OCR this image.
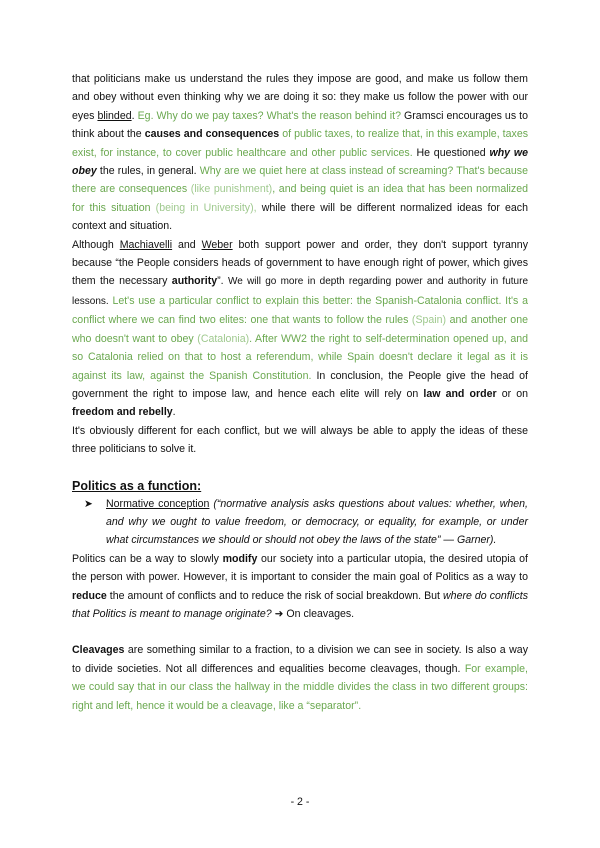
that politicians make us understand the rules they impose are good, and make us follow them and obey without even thinking why we are doing it so: they make us follow the power with our eyes blinded. Eg. Why do we pay taxes? What's the reason behind it? Gramsci encourages us to think about the causes and consequences of public taxes, to realize that, in this example, taxes exist, for instance, to cover public healthcare and other public services. He questioned why we obey the rules, in general. Why are we quiet here at class instead of screaming? That's because there are consequences (like punishment), and being quiet is an idea that has been normalized for this situation (being in University), while there will be different normalized ideas for each context and situation.

Although Machiavelli and Weber both support power and order, they don't support tyranny because “the People considers heads of government to have enough right of power, which gives them the necessary authority”. We will go more in depth regarding power and authority in future lessons. Let's use a particular conflict to explain this better: the Spanish-Catalonia conflict. It's a conflict where we can find two elites: one that wants to follow the rules (Spain) and another one who doesn't want to obey (Catalonia). After WW2 the right to self-determination opened up, and so Catalonia relied on that to host a referendum, while Spain doesn't declare it legal as it is against its law, against the Spanish Constitution. In conclusion, the People give the head of government the right to impose law, and hence each elite will rely on law and order or on freedom and rebelly.

It's obviously different for each conflict, but we will always be able to apply the ideas of these three politicians to solve it.

Politics as a function:
➤	Normative conception (“normative analysis asks questions about values: whether, when, and why we ought to value freedom, or democracy, or equality, for example, or under what circumstances we should or should not obey the laws of the state” — Garner).

Politics can be a way to slowly modify our society into a particular utopia, the desired utopia of the person with power. However, it is important to consider the main goal of Politics as a way to reduce the amount of conflicts and to reduce the risk of social breakdown. But where do conflicts that Politics is meant to manage originate? ➜ On cleavages.

Cleavages are something similar to a fraction, to a division we can see in society. Is also a way to divide societies. Not all differences and equalities become cleavages, though. For example, we could say that in our class the hallway in the middle divides the class in two different groups: right and left, hence it would be a cleavage, like a “separator”.

- 2 -
